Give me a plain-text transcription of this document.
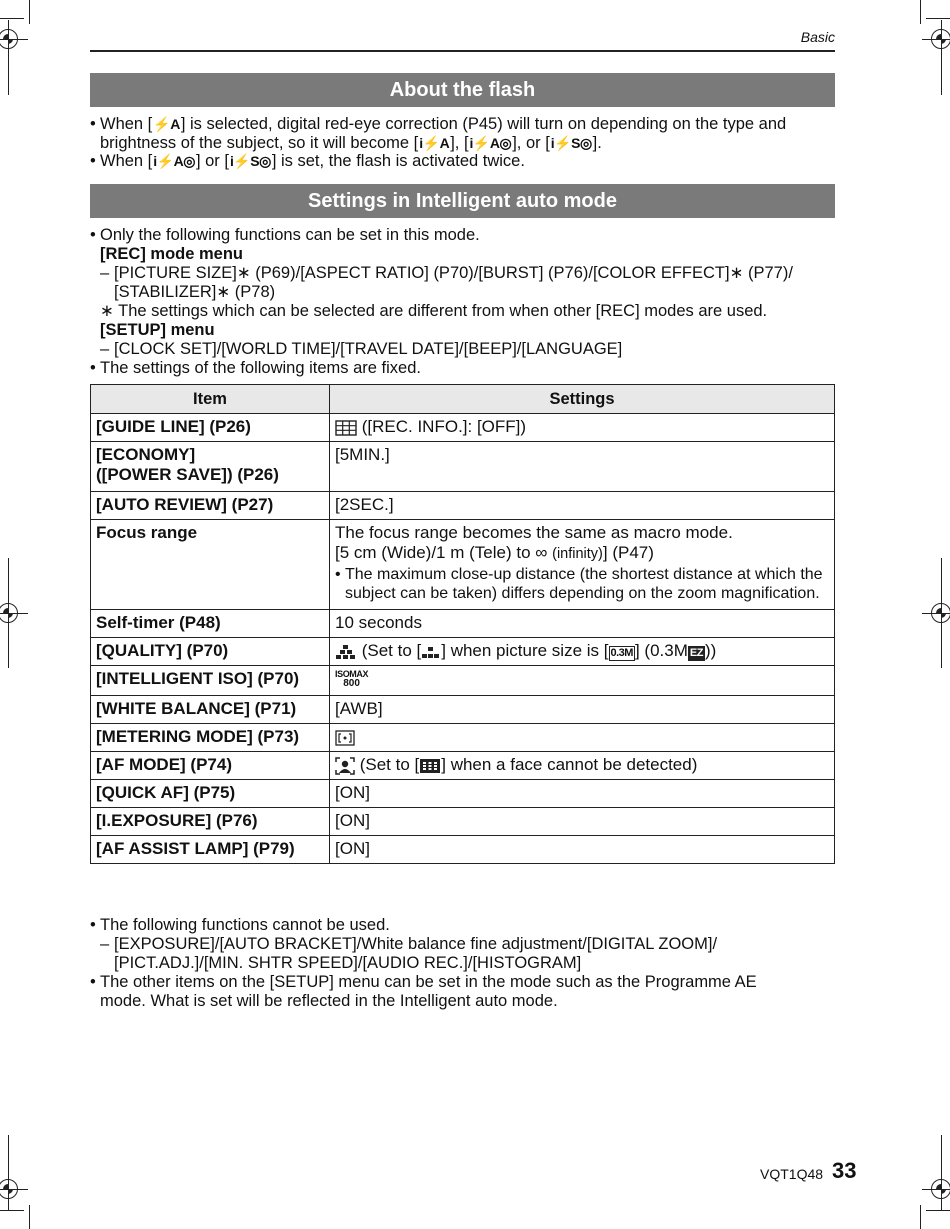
Basic
About the flash
• When [⚡A] is selected, digital red-eye correction (P45) will turn on depending on the type and
brightness of the subject, so it will become [i⚡A], [i⚡A◎], or [i⚡S◎].
• When [i⚡A◎] or [i⚡S◎] is set, the flash is activated twice.
Settings in Intelligent auto mode
• Only the following functions can be set in this mode.
[REC] mode menu
– [PICTURE SIZE]∗ (P69)/[ASPECT RATIO] (P70)/[BURST] (P76)/[COLOR EFFECT]∗ (P77)/
[STABILIZER]∗ (P78)
∗ The settings which can be selected are different from when other [REC] modes are used.
[SETUP] menu
– [CLOCK SET]/[WORLD TIME]/[TRAVEL DATE]/[BEEP]/[LANGUAGE]
• The settings of the following items are fixed.
Item	Settings
[GUIDE LINE] (P26)	([REC. INFO.]: [OFF])
[ECONOMY]
([POWER SAVE]) (P26)	[5MIN.]
[AUTO REVIEW] (P27)	[2SEC.]
Focus range	The focus range becomes the same as macro mode.
[5 cm (Wide)/1 m (Tele) to ∞ (infinity)] (P47)
• The maximum close-up distance (the shortest distance at which the subject can be taken) differs depending on the zoom magnification.

Self-timer (P48)	10 seconds
[QUALITY] (P70)	(Set to [ ] when picture size is [ 0.3M ] (0.3M EZ ))
[INTELLIGENT ISO] (P70)	ISOMAX
800

[WHITE BALANCE] (P71)	[AWB]
[METERING MODE] (P73)	
[AF MODE] (P74)	(Set to [ ] when a face cannot be detected)
[QUICK AF] (P75)	[ON]
[I.EXPOSURE] (P76)	[ON]
[AF ASSIST LAMP] (P79)	[ON]
• The following functions cannot be used.
– [EXPOSURE]/[AUTO BRACKET]/White balance fine adjustment/[DIGITAL ZOOM]/
[PICT.ADJ.]/[MIN. SHTR SPEED]/[AUDIO REC.]/[HISTOGRAM]
• The other items on the [SETUP] menu can be set in the mode such as the Programme AE
mode. What is set will be reflected in the Intelligent auto mode.
VQT1Q48 33
